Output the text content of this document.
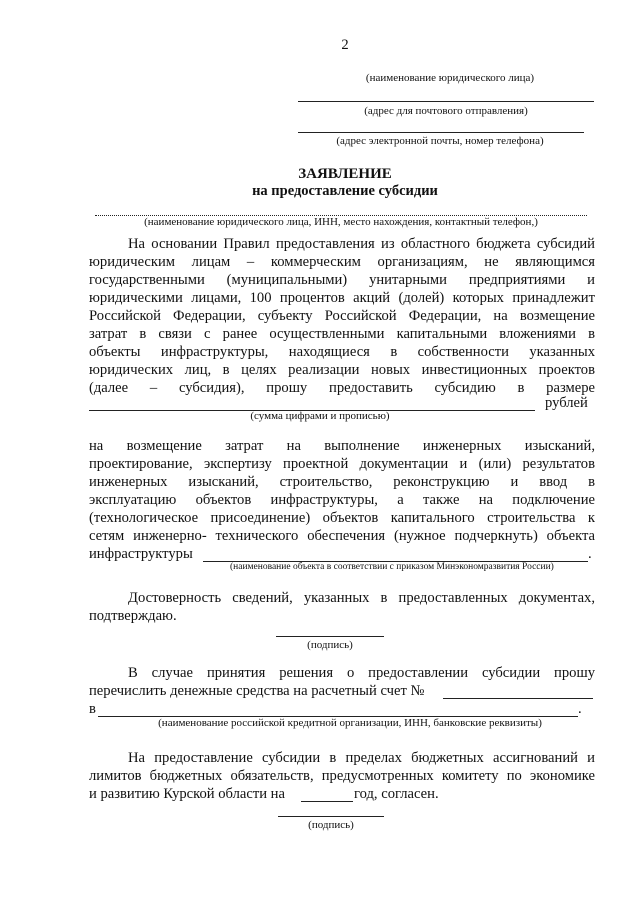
2
(наименование юридического лица)
(адрес для почтового отправления)
(адрес электронной почты, номер телефона)
ЗАЯВЛЕНИЕ
на предоставление субсидии
(наименование юридического лица, ИНН, место нахождения, контактный телефон,)
На основании Правил предоставления из областного бюджета субсидий
юридическим лицам – коммерческим организациям, не являющимся
государственными (муниципальными) унитарными предприятиями и
юридическими лицами, 100 процентов акций (долей) которых принадлежит
Российской Федерации, субъекту Российской Федерации, на возмещение
затрат в связи с ранее осуществленными капитальными вложениями в
объекты инфраструктуры, находящиеся в собственности указанных
юридических лиц, в целях реализации новых инвестиционных проектов
(далее – субсидия), прошу предоставить субсидию в размере
рублей
(сумма цифрами и прописью)
на возмещение затрат на выполнение инженерных изысканий,
проектирование, экспертизу проектной документации и (или) результатов
инженерных изысканий, строительство, реконструкцию и ввод в
эксплуатацию объектов инфраструктуры, а также на подключение
(технологическое присоединение) объектов капитального строительства к
сетям инженерно- технического обеспечения (нужное подчеркнуть) объекта
инфраструктуры	.
(наименование объекта в соответствии с приказом Минэкономразвития России)
Достоверность сведений, указанных в предоставленных документах,
подтверждаю.
(подпись)
В случае принятия решения о предоставлении субсидии прошу
перечислить денежные средства на расчетный счет №
в	.
(наименование российской кредитной организации, ИНН, банковские реквизиты)
На предоставление субсидии в пределах бюджетных ассигнований и
лимитов бюджетных обязательств, предусмотренных комитету по экономике
и развитию Курской области на	год, согласен.
(подпись)
